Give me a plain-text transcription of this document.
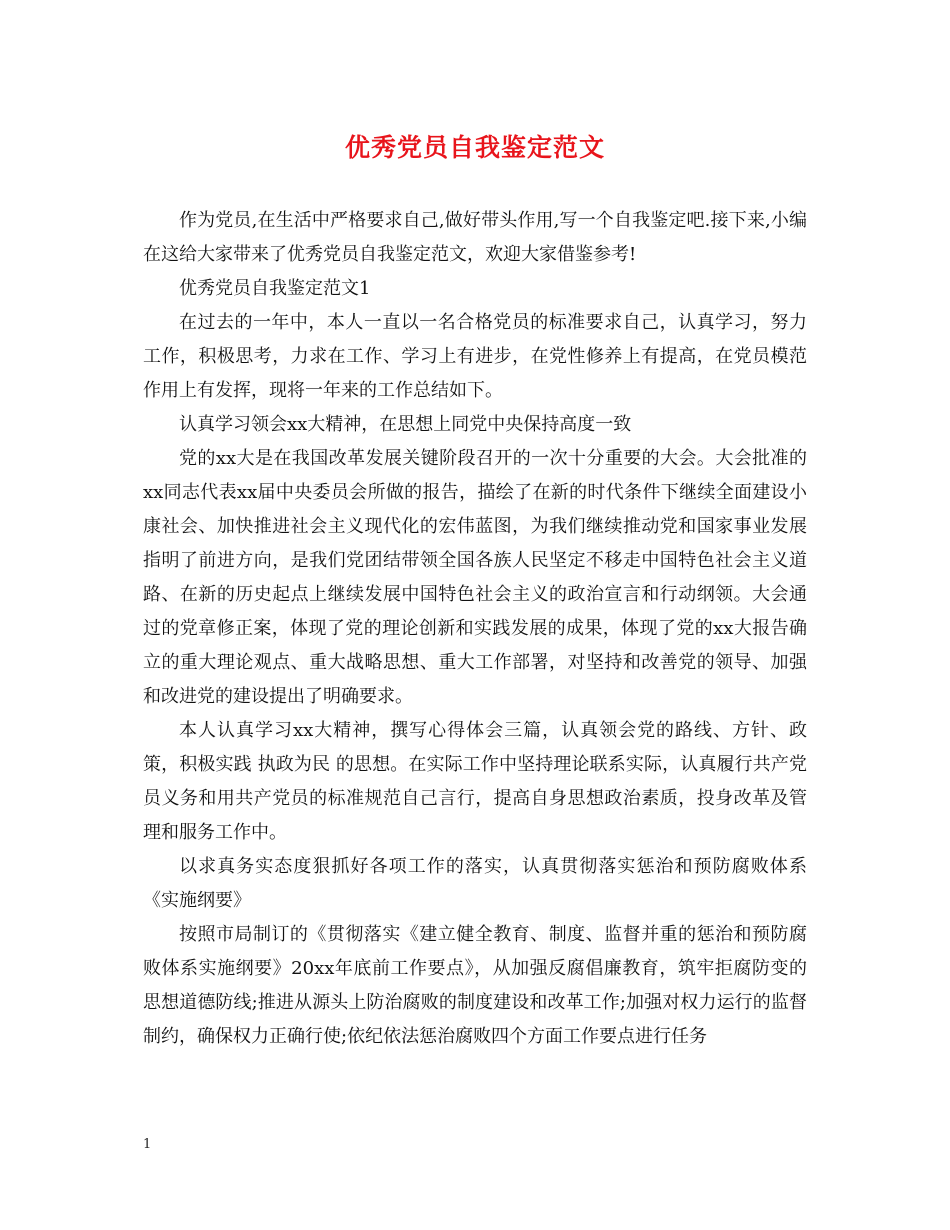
优秀党员自我鉴定范文

作为党员,在生活中严格要求自己,做好带头作用,写一个自我鉴定吧.接下来,小编在这给大家带来了优秀党员自我鉴定范文，欢迎大家借鉴参考!

优秀党员自我鉴定范文1

在过去的一年中，本人一直以一名合格党员的标准要求自己，认真学习，努力工作，积极思考，力求在工作、学习上有进步，在党性修养上有提高，在党员模范作用上有发挥，现将一年来的工作总结如下。

认真学习领会xx大精神，在思想上同党中央保持高度一致

党的xx大是在我国改革发展关键阶段召开的一次十分重要的大会。大会批准的xx同志代表xx届中央委员会所做的报告，描绘了在新的时代条件下继续全面建设小康社会、加快推进社会主义现代化的宏伟蓝图，为我们继续推动党和国家事业发展指明了前进方向，是我们党团结带领全国各族人民坚定不移走中国特色社会主义道路、在新的历史起点上继续发展中国特色社会主义的政治宣言和行动纲领。大会通过的党章修正案，体现了党的理论创新和实践发展的成果，体现了党的xx大报告确立的重大理论观点、重大战略思想、重大工作部署，对坚持和改善党的领导、加强和改进党的建设提出了明确要求。

本人认真学习xx大精神，撰写心得体会三篇，认真领会党的路线、方针、政策，积极实践 执政为民 的思想。在实际工作中坚持理论联系实际，认真履行共产党员义务和用共产党员的标准规范自己言行，提高自身思想政治素质，投身改革及管理和服务工作中。

以求真务实态度狠抓好各项工作的落实，认真贯彻落实惩治和预防腐败体系《实施纲要》

按照市局制订的《贯彻落实《建立健全教育、制度、监督并重的惩治和预防腐败体系实施纲要》20xx年底前工作要点》，从加强反腐倡廉教育，筑牢拒腐防变的思想道德防线;推进从源头上防治腐败的制度建设和改革工作;加强对权力运行的监督制约，确保权力正确行使;依纪依法惩治腐败四个方面工作要点进行任务

1
